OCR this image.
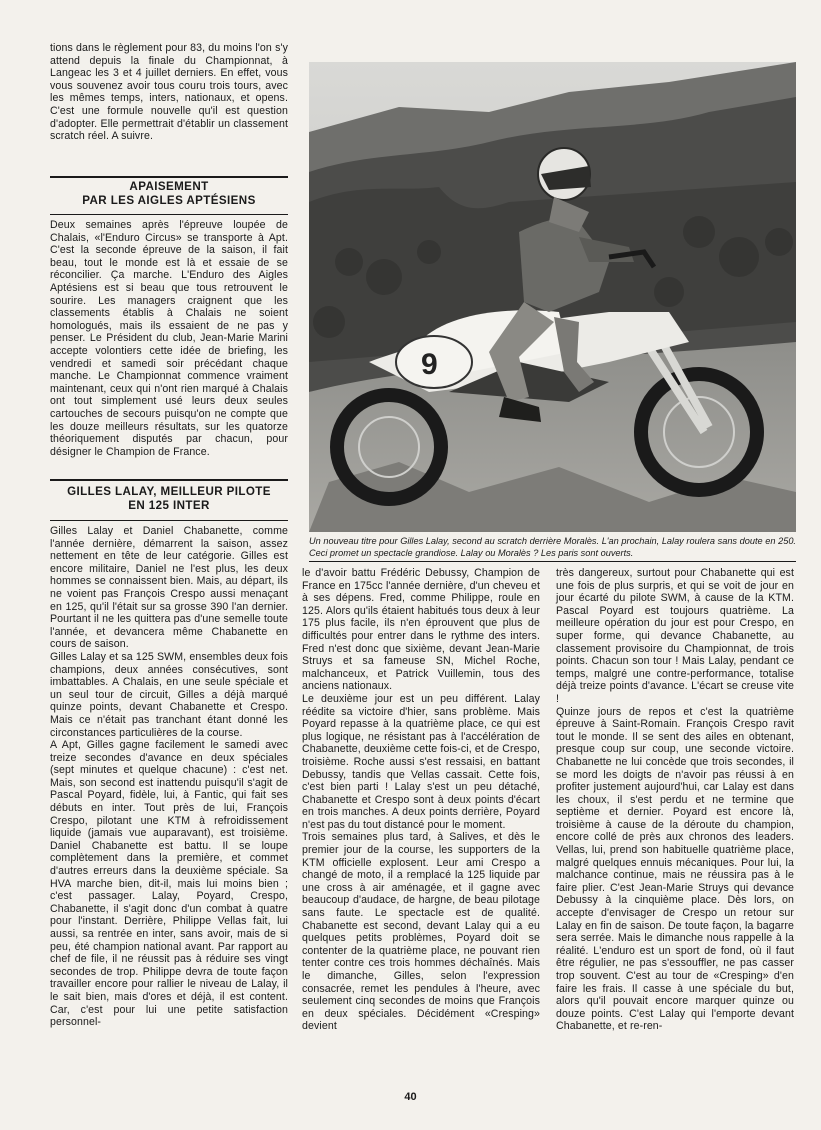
tions dans le règlement pour 83, du moins l'on s'y attend depuis la finale du Championnat, à Langeac les 3 et 4 juillet derniers. En effet, vous vous souvenez avoir tous couru trois tours, avec les mêmes temps, inters, nationaux, et opens. C'est une formule nouvelle qu'il est question d'adopter. Elle permettrait d'établir un classement scratch réel. A suivre.

APAISEMENT
PAR LES AIGLES APTÉSIENS

Deux semaines après l'épreuve loupée de Chalais, «l'Enduro Circus» se transporte à Apt. C'est la seconde épreuve de la saison, il fait beau, tout le monde est là et essaie de se réconcilier. Ça marche. L'Enduro des Aigles Aptésiens est si beau que tous retrouvent le sourire. Les managers craignent que les classements établis à Chalais ne soient homologués, mais ils essaient de ne pas y penser. Le Président du club, Jean-Marie Marini accepte volontiers cette idée de briefing, les vendredi et samedi soir précédant chaque manche. Le Championnat commence vraiment maintenant, ceux qui n'ont rien marqué à Chalais ont tout simplement usé leurs deux seules cartouches de secours puisqu'on ne compte que les douze meilleurs résultats, sur les quatorze théoriquement disputés par chacun, pour désigner le Champion de France.

GILLES LALAY, MEILLEUR PILOTE
EN 125 INTER

Gilles Lalay et Daniel Chabanette, comme l'année dernière, démarrent la saison, assez nettement en tête de leur catégorie. Gilles est encore militaire, Daniel ne l'est plus, les deux hommes se connaissent bien. Mais, au départ, ils ne voient pas François Crespo aussi menaçant en 125, qu'il l'était sur sa grosse 390 l'an dernier. Pourtant il ne les quittera pas d'une semelle toute l'année, et devancera même Chabanette en cours de saison.

Gilles Lalay et sa 125 SWM, ensembles deux fois champions, deux années consécutives, sont imbattables. A Chalais, en une seule spéciale et un seul tour de circuit, Gilles a déjà marqué quinze points, devant Chabanette et Crespo. Mais ce n'était pas tranchant étant donné les circonstances particulières de la course.

A Apt, Gilles gagne facilement le samedi avec treize secondes d'avance en deux spéciales (sept minutes et quelque chacune) : c'est net. Mais, son second est inattendu puisqu'il s'agit de Pascal Poyard, fidèle, lui, à Fantic, qui fait ses débuts en inter. Tout près de lui, François Crespo, pilotant une KTM à refroidissement liquide (jamais vue auparavant), est troisième. Daniel Chabanette est battu. Il se loupe complètement dans la première, et commet d'autres erreurs dans la deuxième spéciale. Sa HVA marche bien, dit-il, mais lui moins bien ; c'est passager. Lalay, Poyard, Crespo, Chabanette, il s'agit donc d'un combat à quatre pour l'instant. Derrière, Philippe Vellas fait, lui aussi, sa rentrée en inter, sans avoir, mais de si peu, été champion national avant. Par rapport au chef de file, il ne réussit pas à réduire ses vingt secondes de trop. Philippe devra de toute façon travailler encore pour rallier le niveau de Lalay, il le sait bien, mais d'ores et déjà, il est content. Car, c'est pour lui une petite satisfaction personnel-

9
Un nouveau titre pour Gilles Lalay, second au scratch derrière Moralès. L'an prochain, Lalay roulera sans doute en 250. Ceci promet un spectacle grandiose. Lalay ou Moralès ? Les paris sont ouverts.

le d'avoir battu Frédéric Debussy, Champion de France en 175cc l'année dernière, d'un cheveu et à ses dépens. Fred, comme Philippe, roule en 125. Alors qu'ils étaient habitués tous deux à leur 175 plus facile, ils n'en éprouvent que plus de difficultés pour entrer dans le rythme des inters. Fred n'est donc que sixième, devant Jean-Marie Struys et sa fameuse SN, Michel Roche, malchanceux, et Patrick Vuillemin, tous des anciens nationaux.

Le deuxième jour est un peu différent. Lalay réédite sa victoire d'hier, sans problème. Mais Poyard repasse à la quatrième place, ce qui est plus logique, ne résistant pas à l'accélération de Chabanette, deuxième cette fois-ci, et de Crespo, troisième. Roche aussi s'est ressaisi, en battant Debussy, tandis que Vellas cassait. Cette fois, c'est bien parti ! Lalay s'est un peu détaché, Chabanette et Crespo sont à deux points d'écart en trois manches. A deux points derrière, Poyard n'est pas du tout distancé pour le moment.

Trois semaines plus tard, à Salives, et dès le premier jour de la course, les supporters de la KTM officielle explosent. Leur ami Crespo a changé de moto, il a remplacé la 125 liquide par une cross à air aménagée, et il gagne avec beaucoup d'audace, de hargne, de beau pilotage sans faute. Le spectacle est de qualité. Chabanette est second, devant Lalay qui a eu quelques petits problèmes, Poyard doit se contenter de la quatrième place, ne pouvant rien tenter contre ces trois hommes déchaînés. Mais le dimanche, Gilles, selon l'expression consacrée, remet les pendules à l'heure, avec seulement cinq secondes de moins que François en deux spéciales. Décidément «Cresping» devient

très dangereux, surtout pour Chabanette qui est une fois de plus surpris, et qui se voit de jour en jour écarté du pilote SWM, à cause de la KTM. Pascal Poyard est toujours quatrième. La meilleure opération du jour est pour Crespo, en super forme, qui devance Chabanette, au classement provisoire du Championnat, de trois points. Chacun son tour ! Mais Lalay, pendant ce temps, malgré une contre-performance, totalise déjà treize points d'avance. L'écart se creuse vite !

Quinze jours de repos et c'est la quatrième épreuve à Saint-Romain. François Crespo ravit tout le monde. Il se sent des ailes en obtenant, presque coup sur coup, une seconde victoire. Chabanette ne lui concède que trois secondes, il se mord les doigts de n'avoir pas réussi à en profiter justement aujourd'hui, car Lalay est dans les choux, il s'est perdu et ne termine que septième et dernier. Poyard est encore là, troisième à cause de la déroute du champion, encore collé de près aux chronos des leaders. Vellas, lui, prend son habituelle quatrième place, malgré quelques ennuis mécaniques. Pour lui, la malchance continue, mais ne réussira pas à le faire plier. C'est Jean-Marie Struys qui devance Debussy à la cinquième place. Dès lors, on accepte d'envisager de Crespo un retour sur Lalay en fin de saison. De toute façon, la bagarre sera serrée. Mais le dimanche nous rappelle à la réalité. L'enduro est un sport de fond, où il faut être régulier, ne pas s'essouffler, ne pas casser trop souvent. C'est au tour de «Cresping» d'en faire les frais. Il casse à une spéciale du but, alors qu'il pouvait encore marquer quinze ou douze points. C'est Lalay qui l'emporte devant Chabanette, et re-ren-

40
